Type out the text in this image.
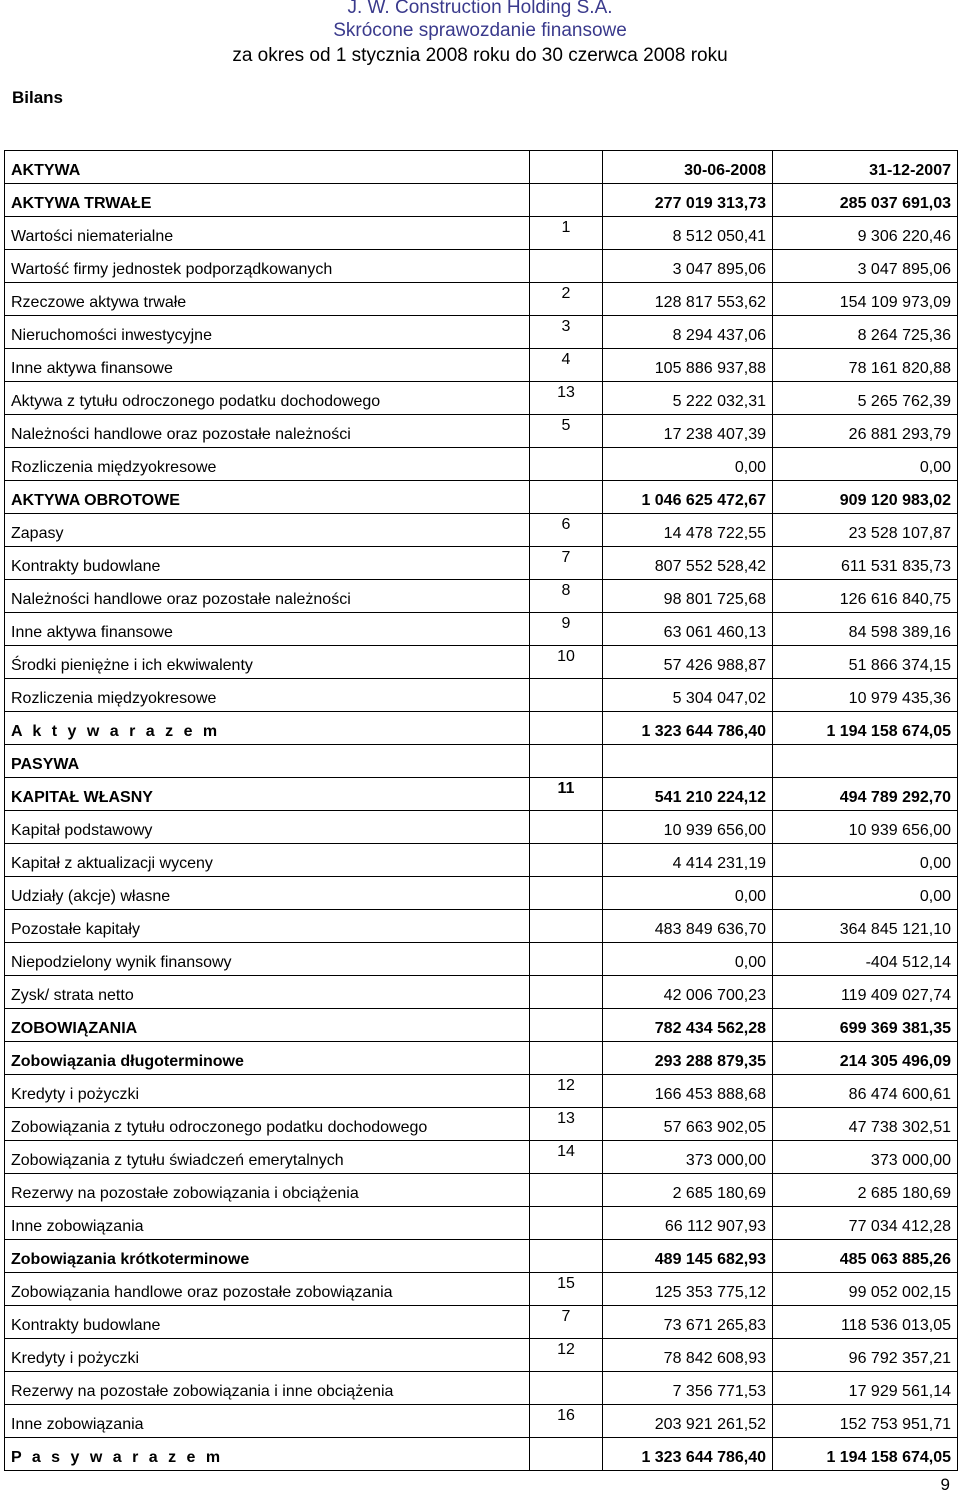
J. W. Construction Holding S.A.
Skrócone sprawozdanie finansowe
za okres od 1 stycznia 2008 roku do 30 czerwca 2008 roku
Bilans
AKTYWA		30-06-2008	31-12-2007
AKTYWA TRWAŁE		277 019 313,73	285 037 691,03
Wartości niematerialne	1	8 512 050,41	9 306 220,46
Wartość firmy jednostek podporządkowanych		3 047 895,06	3 047 895,06
Rzeczowe aktywa trwałe	2	128 817 553,62	154 109 973,09
Nieruchomości inwestycyjne	3	8 294 437,06	8 264 725,36
Inne aktywa finansowe	4	105 886 937,88	78 161 820,88
Aktywa z tytułu odroczonego podatku dochodowego	13	5 222 032,31	5 265 762,39
Należności handlowe oraz pozostałe należności	5	17 238 407,39	26 881 293,79
Rozliczenia międzyokresowe		0,00	0,00
AKTYWA OBROTOWE		1 046 625 472,67	909 120 983,02
Zapasy	6	14 478 722,55	23 528 107,87
Kontrakty budowlane	7	807 552 528,42	611 531 835,73
Należności handlowe oraz pozostałe należności	8	98 801 725,68	126 616 840,75
Inne aktywa finansowe	9	63 061 460,13	84 598 389,16
Środki pieniężne i ich ekwiwalenty	10	57 426 988,87	51 866 374,15
Rozliczenia międzyokresowe		5 304 047,02	10 979 435,36
A k t y w a r a z e m		1 323 644 786,40	1 194 158 674,05
PASYWA			
KAPITAŁ WŁASNY	11	541 210 224,12	494 789 292,70
Kapitał podstawowy		10 939 656,00	10 939 656,00
Kapitał z aktualizacji wyceny		4 414 231,19	0,00
Udziały (akcje) własne		0,00	0,00
Pozostałe kapitały		483 849 636,70	364 845 121,10
Niepodzielony wynik finansowy		0,00	-404 512,14
Zysk/ strata netto		42 006 700,23	119 409 027,74
ZOBOWIĄZANIA		782 434 562,28	699 369 381,35
Zobowiązania długoterminowe		293 288 879,35	214 305 496,09
Kredyty i pożyczki	12	166 453 888,68	86 474 600,61
Zobowiązania z tytułu odroczonego podatku dochodowego	13	57 663 902,05	47 738 302,51
Zobowiązania z tytułu świadczeń emerytalnych	14	373 000,00	373 000,00
Rezerwy na pozostałe zobowiązania i obciążenia		2 685 180,69	2 685 180,69
Inne zobowiązania		66 112 907,93	77 034 412,28
Zobowiązania krótkoterminowe		489 145 682,93	485 063 885,26
Zobowiązania handlowe oraz pozostałe zobowiązania	15	125 353 775,12	99 052 002,15
Kontrakty budowlane	7	73 671 265,83	118 536 013,05
Kredyty i pożyczki	12	78 842 608,93	96 792 357,21
Rezerwy na pozostałe zobowiązania i inne obciążenia		7 356 771,53	17 929 561,14
Inne zobowiązania	16	203 921 261,52	152 753 951,71
P a s y w a r a z e m		1 323 644 786,40	1 194 158 674,05
9
